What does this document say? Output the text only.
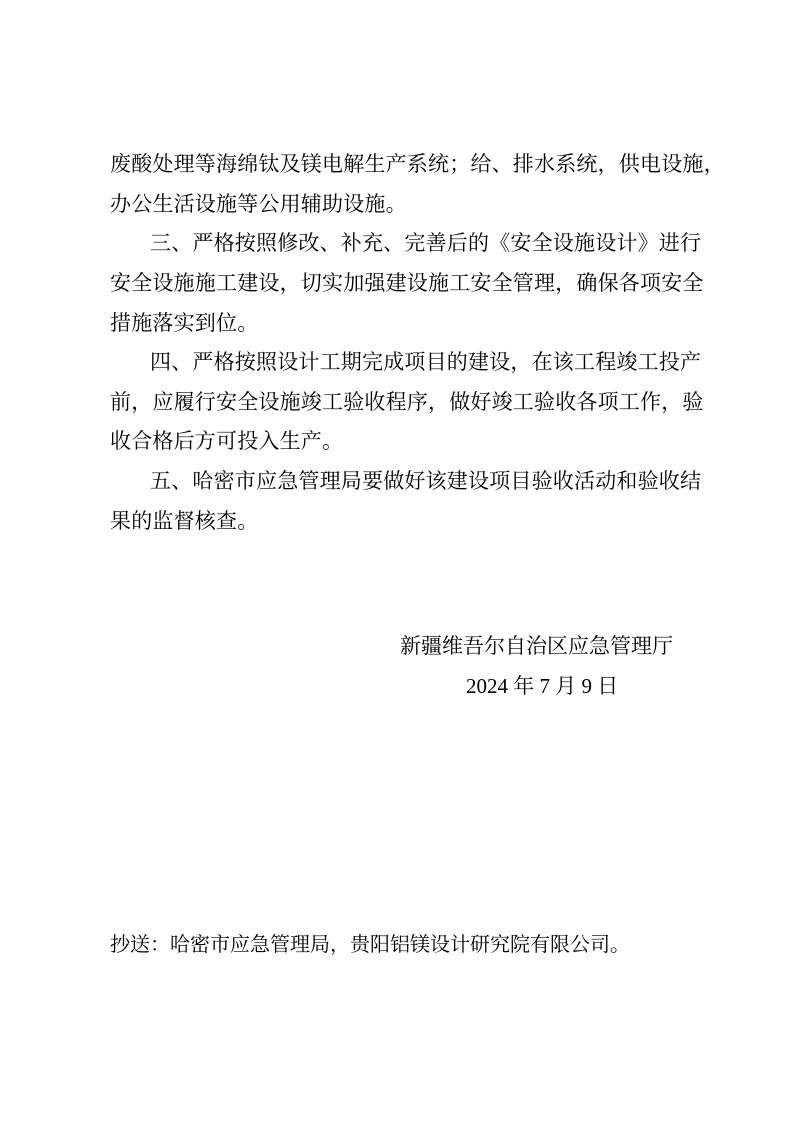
废酸处理等海绵钛及镁电解生产系统；给、排水系统，供电设施，
办公生活设施等公用辅助设施。
三、严格按照修改、补充、完善后的《安全设施设计》进行
安全设施施工建设，切实加强建设施工安全管理，确保各项安全
措施落实到位。
四、严格按照设计工期完成项目的建设，在该工程竣工投产
前，应履行安全设施竣工验收程序，做好竣工验收各项工作，验
收合格后方可投入生产。
五、哈密市应急管理局要做好该建设项目验收活动和验收结
果的监督核查。
新疆维吾尔自治区应急管理厅
2024 年 7 月 9 日
抄送：哈密市应急管理局，贵阳铝镁设计研究院有限公司。
